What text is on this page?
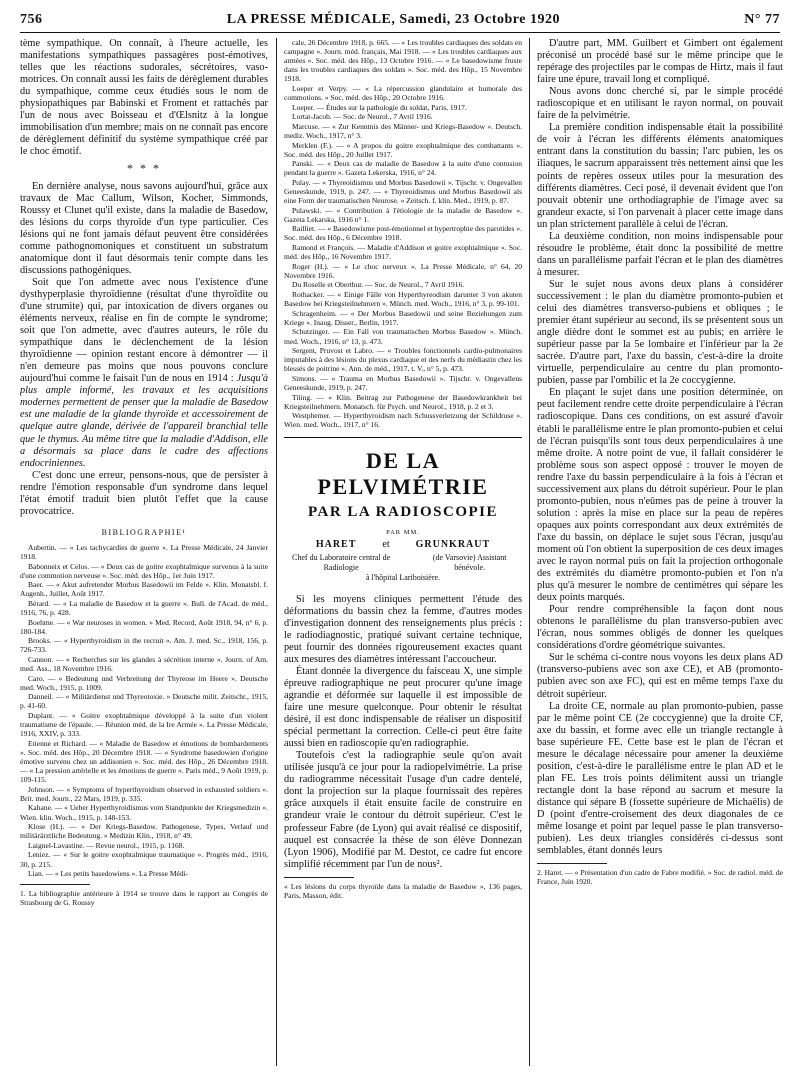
756	LA PRESSE MÉDICALE, Samedi, 23 Octobre 1920	N° 77

tème sympathique. On connaît, à l'heure actuelle, les manifestations sympathiques passagères post-émotives, telles que les réactions sudorales, sécrétoires, vaso-motrices. On connaît aussi les faits de dérèglement durables du sympathique, comme ceux étudiés sous le nom de physiopathiques par Babinski et Froment et rattachés par l'un de nous avec Boisseau et d'Œlsnitz à la longue immobilisation d'un membre; mais on ne connaît pas encore de dérèglement définitif du système sympathique créé par le choc émotif.

* * *

En dernière analyse, nous savons aujourd'hui, grâce aux travaux de Mac Callum, Wilson, Kocher, Simmonds, Roussy et Clunet qu'il existe, dans la maladie de Basedow, des lésions du corps thyroïde d'un type particulier. Ces lésions qui ne font jamais défaut peuvent être considérées comme pathognomoniques et constituent un substratum anatomique dont il faut désormais tenir compte dans les discussions pathogéniques.

Soit que l'on admette avec nous l'existence d'une dysthyperplasie thyroïdienne (résultat d'une thyroïdite ou d'une strumite) qui, par intoxication de divers organes ou éléments nerveux, réalise en fin de compte le syndrome; soit que l'on admette, avec d'autres auteurs, le rôle du sympathique dans le déclenchement de la lésion thyroïdienne — opinion restant encore à démontrer — il n'en demeure pas moins que nous pouvons conclure aujourd'hui comme le faisait l'un de nous en 1914 : Jusqu'à plus ample informé, les travaux et les acquisitions modernes permettent de penser que la maladie de Basedow est une maladie de la glande thyroïde et accessoirement de quelque autre glande, dérivée de l'appareil branchial telle que le thymus. Au même titre que la maladie d'Addison, elle a désormais sa place dans le cadre des affections endocriniennes.

C'est donc une erreur, pensons-nous, que de persister à rendre l'émotion responsable d'un syndrome dans lequel l'état émotif traduit bien plutôt l'effet que la cause provocatrice.

BIBLIOGRAPHIE¹

Aubertin. — « Les tachycardies de guerre ». La Presse Médicale, 24 Janvier 1918.

Babonneix et Celos. — « Deux cas de goitre exophtalmique survenus à la suite d'une commotion nerveuse ». Soc. méd. des Hôp., 1er Juin 1917.

Baer. — « Akut aufretender Morbus Basedowii im Felde ». Klin. Monatsbl. f. Augenh., Juillet, Août 1917.

Bérard. — « La maladie de Basedow et la guerre ». Bull. de l'Acad. de méd., 1916, 76, p. 428.

Boehme. — « War neuroses in women. » Med. Record, Août 1918, 94, n° 6, p. 180-184.

Brooks. — « Hyperthyroidism in the recruit ». Am. J. med. Sc., 1918, 156, p. 726-733.

Cannon. — « Recherches sur les glandes à sécrétion interne ». Journ. of Am. med. Ass., 18 Novembre 1916.

Caro. — « Bedeutung und Verbreitung der Thyreose im Heere ». Deutsche med. Woch., 1915, p. 1009.

Danneil. — « Militärdienst und Thyreotoxie. » Deutsche milit. Zeitschr., 1915, p. 41-60.

Duplant. — « Goitre exophtalmique développé à la suite d'un violent traumatisme de l'épaule. — Réunion méd. de la Ire Armée ». La Presse Médicale, 1916, XXIV, p. 333.

Etienne et Richard. — « Maladie de Basedow et émotions de bombardements ». Soc. méd. des Hôp., 20 Décembre 1918. — « Syndrome basedowien d'origine émotive survenu chez un addisonien ». Soc. méd. des Hôp., 26 Décembre 1918. — « La pression artérielle et les émotions de guerre ». Paris méd., 9 Août 1919, p. 109-115.

Johnson. — « Symptoms of hyperthyroidism observed in exhausted soldiers ». Brit. med. Journ., 22 Mars, 1919, p. 335.

Kahane. — « Ueber Hyperthyroidismus vom Standpunkte der Kriegsmedizin ». Wien. klin. Woch., 1915, p. 148-153.

Klose (H.). — « Der Kriegs-Basedow. Pathogenese, Types, Verlauf und militärärztliche Bedeutung. » Medizin Klin., 1918, n° 49.

Laignel-Lavastine. — Revue neurol., 1915, p. 1168.

Leniez. — « Sur le goitre exophtalmique traumatique ». Progrès méd., 1916, 30, p. 215.

Lian. — « Les petits basedowiens ». La Presse Médi-

1. La bibliographie antérieure à 1914 se trouve dans le rapport au Congrès de Strasbourg de G. Roussy

cale, 26 Décembre 1918, p. 665. — « Les troubles cardiaques des soldats en campagne ». Journ. méd. français, Mai 1918. — « Les troubles cardiaques aux armées ». Soc. méd. des Hôp., 13 Octobre 1916. — « Le basedowisme fruste dans les troubles cardiaques des soldats ». Soc. méd. des Hôp., 15 Novembre 1918.

Loeper et Verpy. — « La répercussion glandulaire et humorale des commotions. » Soc. méd. des Hôp., 20 Octobre 1916.

Loeper. — Études sur la pathologie du soldat, Paris, 1917.

Lortat-Jacob. — Soc. de Neurol., 7 Avril 1916.

Marcuse. — « Zur Kenntnis des Männer- und Kriegs-Basedow ». Deutsch. mediz. Woch., 1917, n° 3.

Merklen (F.). — « A propos du goitre exophtalmique des combattants ». Soc. méd. des Hôp., 20 Juillet 1917.

Panski. — « Deux cas de maladie de Basedow à la suite d'une contusion pendant la guerre ». Gazeta Lekerska, 1916, n° 24.

Pulay. — « Thyreoidismus und Morbus Basedowii ». Tijschr. v. Ongevallen Geneeskunde, 1919, p. 247. — « Thyreoidismus und Morbus Basedowii als eine Form der traumatischen Neurose. » Zeitsch. f. klin. Med., 1919, p. 87.

Pulawski. — « Contribution à l'étiologie de la maladie de Basedow ». Gazeta Lekarska, 1916 n° 1.

Railliet. — « Basedowisme post-émotionnel et hypertrophie des parotides ». Soc. méd. des Hôp., 6 Décembre 1918.

Ramond et François. — Maladie d'Addison et goitre exophtalmique ». Soc. méd. des Hôp., 16 Novembre 1917.

Roger (H.). — « Le choc nerveux ». La Presse Médicale, n° 64, 20 Novembre 1916.

Du Roselle et Oberthur. — Soc. de Neurol., 7 Avril 1916.

Rothacker. — « Einige Fälle von Hyperthyreodism darunter 3 von akuten Basedow bei Kriegsteilnehmern ». Münch. med. Woch., 1916, n° 3, p. 99-101.

Schragenheim. — « Der Morbus Basedowii und seine Beziehungen zum Kriege ». Inaug. Disser., Berlin, 1917.

Schutzinger. — Ein Fall von traumatischen Morbus Basedow ». Münch. med. Woch., 1916, n° 13, p. 473.

Sergent, Pruvost et Labro. — « Troubles fonctionnels cardio-pulmonaires imputables à des lésions du plexus cardiaque et des nerfs du médiastin chez les blessés de poitrine ». Ann. de méd., 1917, t. V., n° 5, p. 473.

Simons. — « Trauma en Morbus Basedowii ». Tijschr. v. Ongevallens Geneeskunde, 1919, p. 247.

Tiling. — « Klin. Beitrag zur Pathogenese der Basedowkrankheit bei Kriegsteilnehmern. Monatsch. für Psych. und Neurol., 1918, p. 2 et 3.

Westphemer. — Hyperthyroidism nach Schussverletzung der Schildruse ». Wien. med. Woch., 1917, n° 16.

DE LA PELVIMÉTRIE
PAR LA RADIOSCOPIE
PAR MM.
HARET	et	GRUNKRAUT
Chef du Laboratoire central de Radiologie
(de Varsovie) Assistant bénévole.
à l'hôpital Lariboisière.

Si les moyens cliniques permettent l'étude des déformations du bassin chez la femme, d'autres modes d'investigation donnent des renseignements plus précis : le radiodiagnostic, pratiqué suivant certaine technique, peut fournir des données rigoureusement exactes quant aux mesures des diamètres intéressant l'accoucheur.

Étant donnée la divergence du faisceau X, une simple épreuve radiographique ne peut procurer qu'une image agrandie et déformée sur laquelle il est impossible de faire une mesure quelconque. Pour obtenir le résultat désiré, il est donc indispensable de réaliser un dispositif spécial permettant la correction. Celle-ci peut être faite aussi bien en radioscopie qu'en radiographie.

Toutefois c'est la radiographie seule qu'on avait utilisée jusqu'à ce jour pour la radiopelvimétrie. La prise du radiogramme nécessitait l'usage d'un cadre dentelé, dont la projection sur la plaque fournissait des repères grâce auxquels il était ensuite facile de construire en grandeur vraie le contour du détroit supérieur. C'est le professeur Fabre (de Lyon) qui avait réalisé ce dispositif, auquel est consacrée la thèse de son élève Donnezan (Lyon 1906), Modifié par M. Destot, ce cadre fut encore simplifié récemment par l'un de nous².

« Les lésions du corps thyroïde dans la maladie de Basedow », 136 pages, Paris, Masson, édit.

D'autre part, MM. Guilbert et Gimbert ont également préconisé un procédé basé sur le même principe que le repérage des projectiles par le compas de Hirtz, mais il faut faire une épure, travail long et compliqué.

Nous avons donc cherché si, par le simple procédé radioscopique et en utilisant le rayon normal, on pouvait faire de la pelvimétrie.

La première condition indispensable était la possibilité de voir à l'écran les différents éléments anatomiques entrant dans la constitution du bassin; l'arc pubien, les os iliaques, le sacrum apparaissent très nettement ainsi que les points de repères osseux utiles pour la mesuration des différents diamètres. Ceci posé, il devenait évident que l'on pouvait obtenir une orthodiagraphie de l'image avec sa grandeur exacte, si l'on parvenait à placer cette image dans un plan strictement parallèle à celui de l'écran.

La deuxième condition, non moins indispensable pour résoudre le problème, était donc la possibilité de mettre dans un parallélisme parfait l'écran et le plan des diamètres à mesurer.

Sur le sujet nous avons deux plans à considérer successivement : le plan du diamètre promonto-pubien et celui des diamètres transverso-pubiens et obliques ; le premier étant supérieur au second, ils se présentent sous un angle dièdre dont le sommet est au pubis; en arrière le supérieur passe par la 5e lombaire et l'inférieur par la 2e sacrée. D'autre part, l'axe du bassin, c'est-à-dire la droite virtuelle, perpendiculaire au centre du plan promonto-pubien, passe par l'ombilic et la 2e coccygienne.

En plaçant le sujet dans une position déterminée, on peut facilement rendre cette droite perpendiculaire à l'écran radioscopique. Dans ces conditions, on est assuré d'avoir établi le parallélisme entre le plan promonto-pubien et celui de l'écran puisqu'ils sont tous deux perpendiculaires à une même droite. A notre point de vue, il fallait considérer le problème sous son aspect opposé : trouver le moyen de rendre l'axe du bassin perpendiculaire à la fois à l'écran et successivement aux plans du détroit supérieur. Pour le plan promonto-pubien, nous n'eûmes pas de peine à trouver la solution : après la mise en place sur la peau de repères opaques aux points correspondant aux deux extrémités de l'axe du bassin, on déplace le sujet sous l'écran, jusqu'au moment où l'on obtient la superposition de ces deux images avec le rayon normal puis on fait la projection orthogonale des extrémités du diamètre promonto-pubien et l'on n'a plus qu'à mesurer le nombre de centimètres qui sépare les deux points marqués.

Pour rendre compréhensible la façon dont nous obtenons le parallélisme du plan transverso-pubien avec l'écran, nous sommes obligés de donner les quelques considérations d'ordre géométrique suivantes.

Sur le schéma ci-contre nous voyons les deux plans AD (transverso-pubiens avec son axe CE), et AB (promonto-pubien avec son axe FC), qui est en même temps l'axe du détroit supérieur.

La droite CE, normale au plan promonto-pubien, passe par le même point CE (2e coccygienne) que la droite CF, axe du bassin, et forme avec elle un triangle rectangle à base supérieure FE. Cette base est le plan de l'écran et mesure le décalage nécessaire pour amener la deuxième position, c'est-à-dire le parallélisme entre le plan AD et le plan FE. Les trois points délimitent aussi un triangle rectangle dont la base répond au sacrum et mesure la distance qui sépare B (fossette supérieure de Michaëlis) de D (point d'entre-croisement des deux diagonales de ce même losange et point par lequel passe le plan transverso-pubien). Les deux triangles considérés ci-dessus sont semblables, étant donnés leurs

2. Haret. — « Présentation d'un cadre de Fabre modifié. » Soc. de radiol. méd. de France, Juin 1920.
